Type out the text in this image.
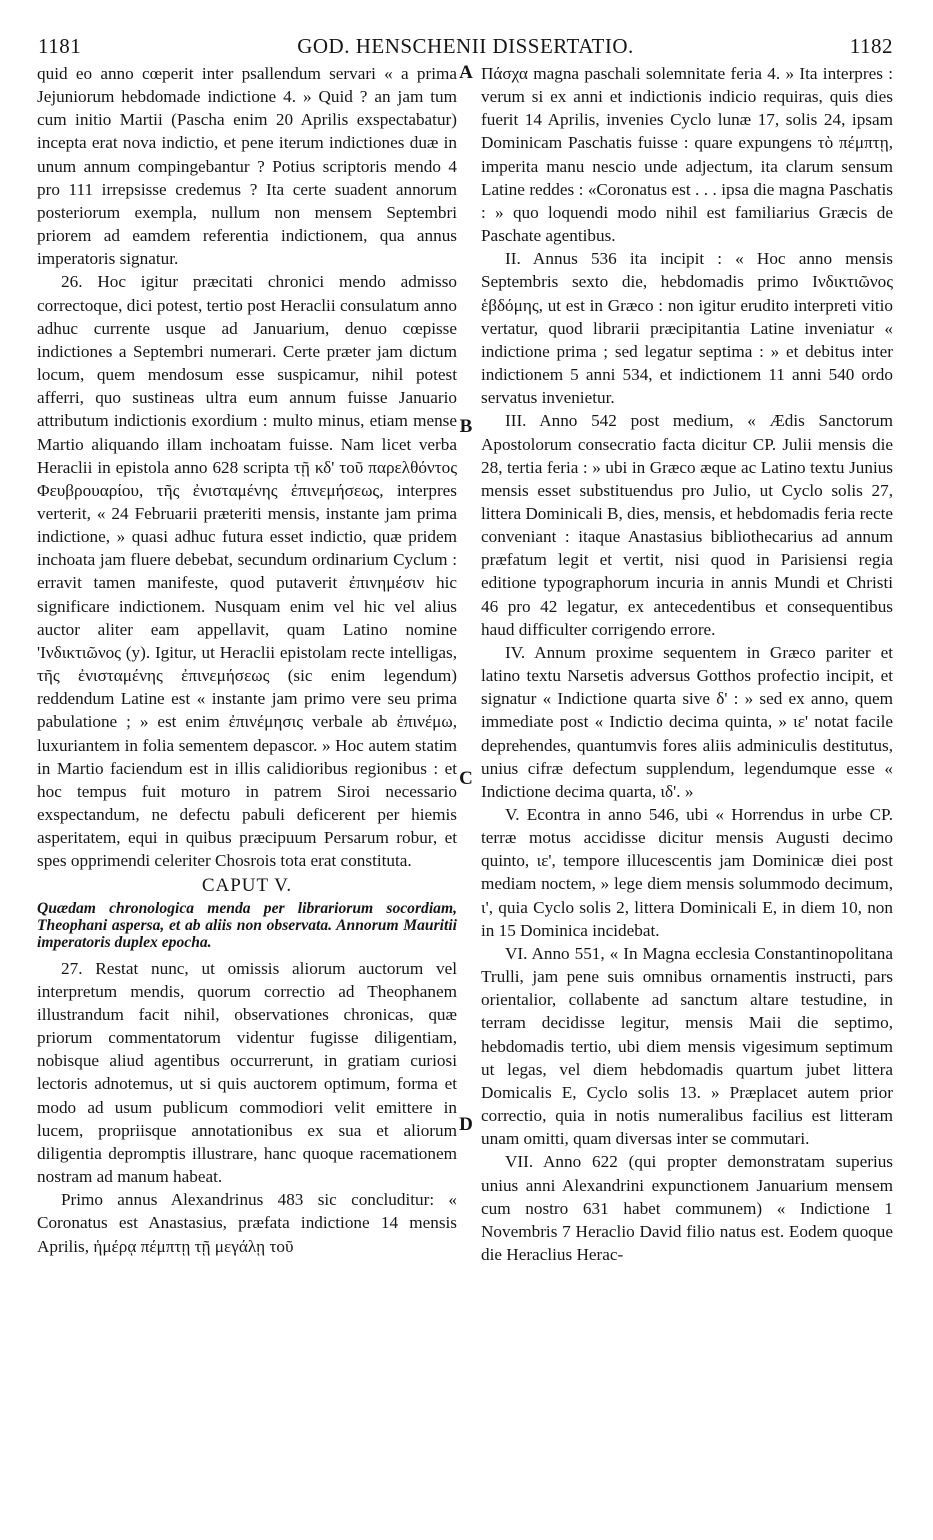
1181	GOD. HENSCHENII DISSERTATIO.	1182
A
B
C
D

quid eo anno cœperit inter psallendum servari « a prima Jejuniorum hebdomade indictione 4. » Quid ? an jam tum cum initio Martii (Pascha enim 20 Aprilis exspectabatur) incepta erat nova indictio, et pene iterum indictiones duæ in unum annum compingebantur ? Potius scriptoris mendo 4 pro 111 irrepsisse credemus ? Ita certe suadent annorum posteriorum exempla, nullum non mensem Septembri priorem ad eamdem referentia indictionem, qua annus imperatoris signatur.

26. Hoc igitur præcitati chronici mendo admisso correctoque, dici potest, tertio post Heraclii consulatum anno adhuc currente usque ad Januarium, denuo cœpisse indictiones a Septembri numerari. Certe præter jam dictum locum, quem mendosum esse suspicamur, nihil potest afferri, quo sustineas ultra eum annum fuisse Januario attributum indictionis exordium : multo minus, etiam mense Martio aliquando illam inchoatam fuisse. Nam licet verba Heraclii in epistola anno 628 scripta τῇ κδ' τοῦ παρελθόντος Φευβρουαρίου, τῆς ἐνισταμένης ἐπινεμήσεως, interpres verterit, « 24 Februarii præteriti mensis, instante jam prima indictione, » quasi adhuc futura esset indictio, quæ pridem inchoata jam fluere debebat, secundum ordinarium Cyclum : erravit tamen manifeste, quod putaverit ἐπινημέσιν hic significare indictionem. Nusquam enim vel hic vel alius auctor aliter eam appellavit, quam Latino nomine 'Ινδικτιῶνος (y). Igitur, ut Heraclii epistolam recte intelligas, τῆς ἐνισταμένης ἐπινεμήσεως (sic enim legendum) reddendum Latine est « instante jam primo vere seu prima pabulatione ; » est enim ἐπινέμησις verbale ab ἐπινέμω, luxuriantem in folia sementem depascor. » Hoc autem statim in Martio faciendum est in illis calidioribus regionibus : et hoc tempus fuit moturo in patrem Siroi necessario exspectandum, ne defectu pabuli deficerent per hiemis asperitatem, equi in quibus præcipuum Persarum robur, et spes opprimendi celeriter Chosrois tota erat constituta.

CAPUT V.

Quædam chronologica menda per librariorum socordiam, Theophani aspersa, et ab aliis non observata. Annorum Mauritii imperatoris duplex epocha.

27. Restat nunc, ut omissis aliorum auctorum vel interpretum mendis, quorum correctio ad Theophanem illustrandum facit nihil, observationes chronicas, quæ priorum commentatorum videntur fugisse diligentiam, nobisque aliud agentibus occurrerunt, in gratiam curiosi lectoris adnotemus, ut si quis auctorem optimum, forma et modo ad usum publicum commodiori velit emittere in lucem, propriisque annotationibus ex sua et aliorum diligentia depromptis illustrare, hanc quoque racemationem nostram ad manum habeat.

Primo annus Alexandrinus 483 sic concluditur: « Coronatus est Anastasius, præfata indictione 14 mensis Aprilis, ἡμέρᾳ πέμπτῃ τῇ μεγάλῃ τοῦ

Πάσχα magna paschali solemnitate feria 4. » Ita interpres : verum si ex anni et indictionis indicio requiras, quis dies fuerit 14 Aprilis, invenies Cyclo lunæ 17, solis 24, ipsam Dominicam Paschatis fuisse : quare expungens τὸ πέμπτῃ, imperita manu nescio unde adjectum, ita clarum sensum Latine reddes : «Coronatus est . . . ipsa die magna Paschatis : » quo loquendi modo nihil est familiarius Græcis de Paschate agentibus.

II. Annus 536 ita incipit : « Hoc anno mensis Septembris sexto die, hebdomadis primo Ινδικτιῶνος ἑβδόμης, ut est in Græco : non igitur erudito interpreti vitio vertatur, quod librarii præcipitantia Latine inveniatur « indictione prima ; sed legatur septima : » et debitus inter indictionem 5 anni 534, et indictionem 11 anni 540 ordo servatus invenietur.

III. Anno 542 post medium, « Ædis Sanctorum Apostolorum consecratio facta dicitur CP. Julii mensis die 28, tertia feria : » ubi in Græco æque ac Latino textu Junius mensis esset substituendus pro Julio, ut Cyclo solis 27, littera Dominicali B, dies, mensis, et hebdomadis feria recte conveniant : itaque Anastasius bibliothecarius ad annum præfatum legit et vertit, nisi quod in Parisiensi regia editione typographorum incuria in annis Mundi et Christi 46 pro 42 legatur, ex antecedentibus et consequentibus haud difficulter corrigendo errore.

IV. Annum proxime sequentem in Græco pariter et latino textu Narsetis adversus Gotthos profectio incipit, et signatur « Indictione quarta sive δ' : » sed ex anno, quem immediate post « Indictio decima quinta, » ιε' notat facile deprehendes, quantumvis fores aliis adminiculis destitutus, unius cifræ defectum supplendum, legendumque esse « Indictione decima quarta, ιδ'. »

V. Econtra in anno 546, ubi « Horrendus in urbe CP. terræ motus accidisse dicitur mensis Augusti decimo quinto, ιε', tempore illucescentis jam Dominicæ diei post mediam noctem, » lege diem mensis solummodo decimum, ι', quia Cyclo solis 2, littera Dominicali E, in diem 10, non in 15 Dominica incidebat.

VI. Anno 551, « In Magna ecclesia Constantinopolitana Trulli, jam pene suis omnibus ornamentis instructi, pars orientalior, collabente ad sanctum altare testudine, in terram decidisse legitur, mensis Maii die septimo, hebdomadis tertio, ubi diem mensis vigesimum septimum ut legas, vel diem hebdomadis quartum jubet littera Domicalis E, Cyclo solis 13. » Præplacet autem prior correctio, quia in notis numeralibus facilius est litteram unam omitti, quam diversas inter se commutari.

VII. Anno 622 (qui propter demonstratam superius unius anni Alexandrini expunctionem Januarium mensem cum nostro 631 habet communem) « Indictione 1 Novembris 7 Heraclio David filio natus est. Eodem quoque die Heraclius Herac-
